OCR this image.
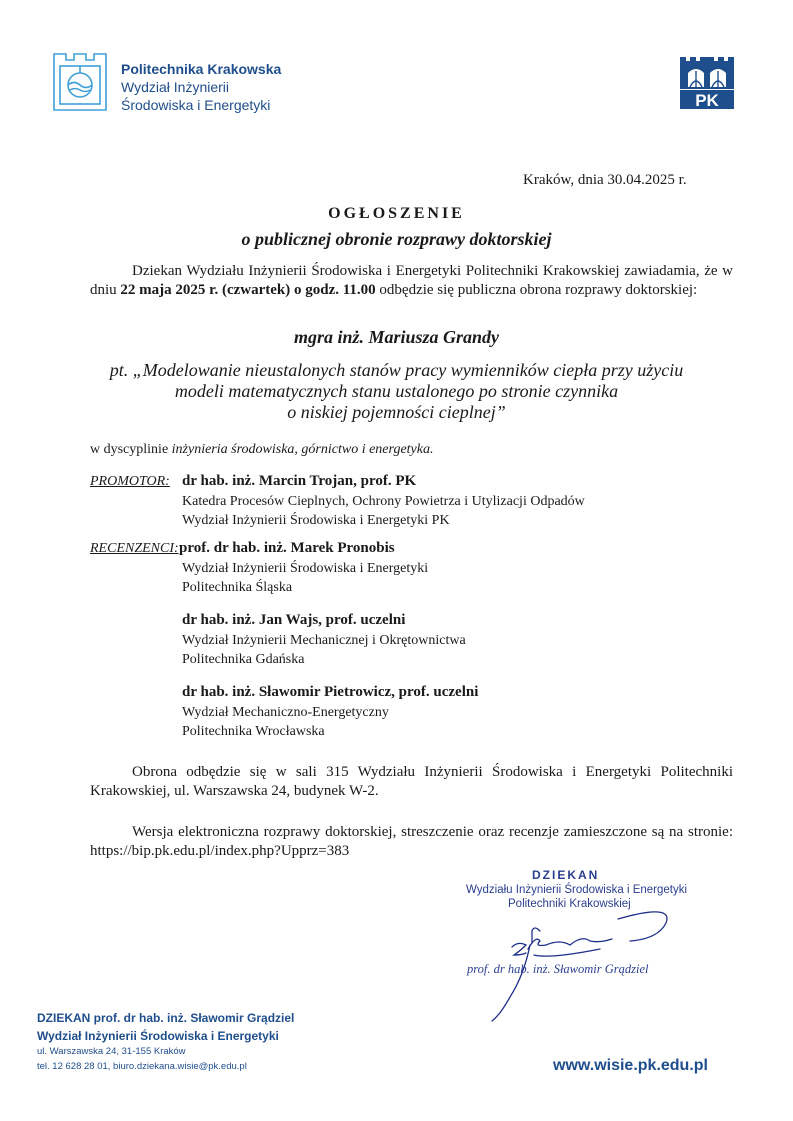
Politechnika Krakowska
Wydział Inżynierii
Środowiska i Energetyki	PK
Kraków, dnia 30.04.2025 r.
OGŁOSZENIE
o publicznej obronie rozprawy doktorskiej
Dziekan Wydziału Inżynierii Środowiska i Energetyki Politechniki Krakowskiej zawiadamia, że w dniu 22 maja 2025 r. (czwartek) o godz. 11.00 odbędzie się publiczna obrona rozprawy doktorskiej:
mgra inż. Mariusza Grandy
pt. „Modelowanie nieustalonych stanów pracy wymienników ciepła przy użyciu
modeli matematycznych stanu ustalonego po stronie czynnika
o niskiej pojemności cieplnej”
w dyscyplinie inżynieria środowiska, górnictwo i energetyka.
PROMOTOR: dr hab. inż. Marcin Trojan, prof. PK
Katedra Procesów Cieplnych, Ochrony Powietrza i Utylizacji Odpadów
Wydział Inżynierii Środowiska i Energetyki PK
RECENZENCI: prof. dr hab. inż. Marek Pronobis
Wydział Inżynierii Środowiska i Energetyki
Politechnika Śląska
dr hab. inż. Jan Wajs, prof. uczelni
Wydział Inżynierii Mechanicznej i Okrętownictwa
Politechnika Gdańska
dr hab. inż. Sławomir Pietrowicz, prof. uczelni
Wydział Mechaniczno-Energetyczny
Politechnika Wrocławska
Obrona odbędzie się w sali 315 Wydziału Inżynierii Środowiska i Energetyki Politechniki Krakowskiej, ul. Warszawska 24, budynek W-2.
Wersja elektroniczna rozprawy doktorskiej, streszczenie oraz recenzje zamieszczone są na stronie: https://bip.pk.edu.pl/index.php?Upprz=383
DZIEKAN
Wydziału Inżynierii Środowiska i Energetyki
Politechniki Krakowskiej
prof. dr hab. inż. Sławomir Grądziel
DZIEKAN prof. dr hab. inż. Sławomir Grądziel
Wydział Inżynierii Środowiska i Energetyki
ul. Warszawska 24, 31-155 Kraków
tel. 12 628 28 01, biuro.dziekana.wisie@pk.edu.pl	www.wisie.pk.edu.pl
